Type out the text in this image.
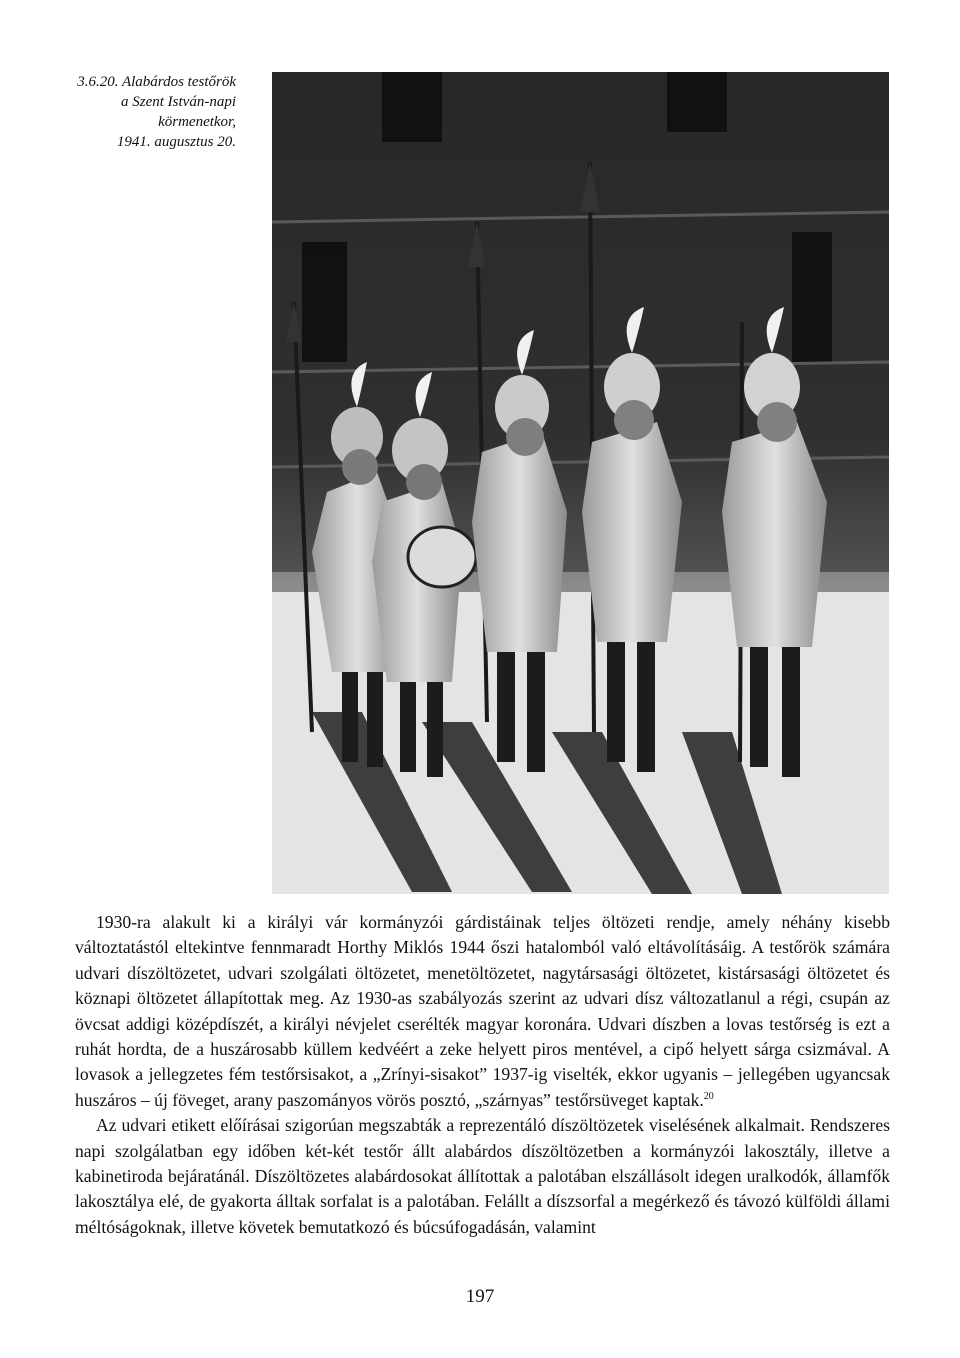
3.6.20. Alabárdos testőrök
a Szent István-napi
körmenetkor,
1941. augusztus 20.

1930-ra alakult ki a királyi vár kormányzói gárdistáinak teljes öltözeti rendje, amely néhány kisebb változtatástól eltekintve fennmaradt Horthy Miklós 1944 őszi hatalomból való eltávolításáig. A testőrök számára udvari díszöltözetet, udvari szolgálati öltözetet, menetöltözetet, nagytársasági öltözetet, kistársasági öltözetet és köznapi öltözetet állapítottak meg. Az 1930-as szabályozás szerint az udvari dísz változatlanul a régi, csupán az övcsat addigi középdíszét, a királyi névjelet cserélték magyar koronára. Udvari díszben a lovas testőrség is ezt a ruhát hordta, de a huszárosabb küllem kedvéért a zeke helyett piros mentével, a cipő helyett sárga csizmával. A lovasok a jellegzetes fém testőrsisakot, a „Zrínyi-sisakot” 1937-ig viselték, ekkor ugyanis – jellegében ugyancsak huszáros – új föveget, arany paszományos vörös posztó, „szárnyas” testőrsüveget kaptak.$^{20}$

Az udvari etikett előírásai szigorúan megszabták a reprezentáló díszöltözetek viselésének alkalmait. Rendszeres napi szolgálatban egy időben két-két testőr állt alabárdos díszöltözetben a kormányzói lakosztály, illetve a kabinetiroda bejáratánál. Díszöltözetes alabárdosokat állítottak a palotában elszállásolt idegen uralkodók, államfők lakosztálya elé, de gyakorta álltak sorfalat is a palotában. Felállt a díszsorfal a megérkező és távozó külföldi állami méltóságoknak, illetve követek bemutatkozó és búcsúfogadásán, valamint

197
